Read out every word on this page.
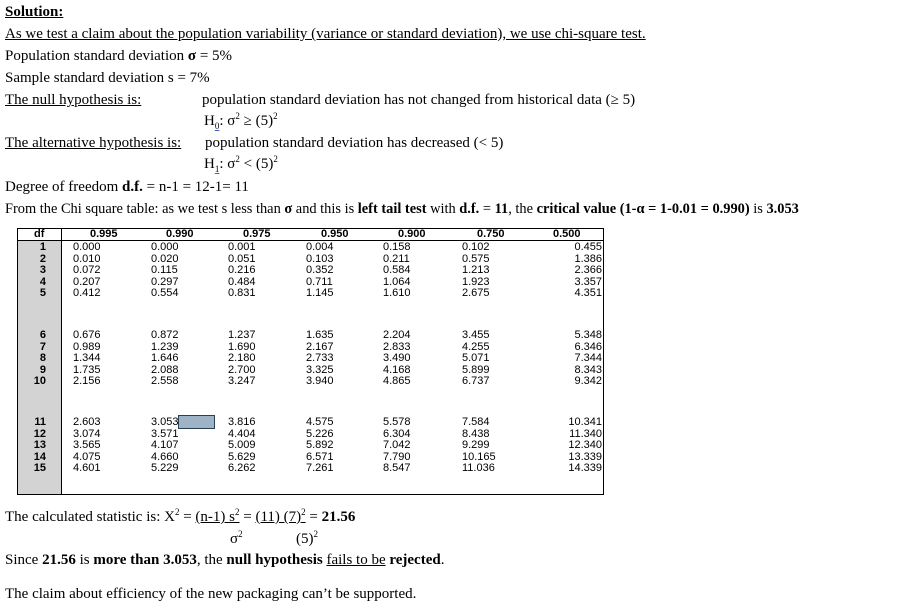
Solution:
As we test a claim about the population variability (variance or standard deviation), we use chi-square test.
Population standard deviation σ = 5%
Sample standard deviation s = 7%
The null hypothesis is:	population standard deviation has not changed from historical data (≥ 5)
$H_0$: $\sigma^2 \ge (5)^2$
The alternative hypothesis is: population standard deviation has decreased (< 5)
$H_1$: $\sigma^2 < (5)^2$
Degree of freedom d.f. = n-1 = 12-1= 11
From the Chi square table: as we test s less than σ and this is left tail test with d.f. = 11, the critical value (1-α = 1-0.01 = 0.990) is 3.053
df	0.995	0.990	0.975	0.950	0.900	0.750	0.500
1 0.000	0.000	0.001	0.004	0.158	0.102	0.455
2 0.010	0.020	0.051	0.103	0.211	0.575	1.386
3 0.072	0.115	0.216	0.352	0.584	1.213	2.366
4 0.207	0.297	0.484	0.711	1.064	1.923	3.357
5 0.412	0.554	0.831	1.145	1.610	2.675	4.351
6 0.676	0.872	1.237	1.635	2.204	3.455	5.348
7 0.989	1.239	1.690	2.167	2.833	4.255	6.346
8 1.344	1.646	2.180	2.733	3.490	5.071	7.344
9 1.735	2.088	2.700	3.325	4.168	5.899	8.343
10 2.156	2.558	3.247	3.940	4.865	6.737	9.342
11 2.603	3.053	3.816	4.575	5.578	7.584	10.341
12 3.074	3.571	4.404	5.226	6.304	8.438	11.340
13 3.565	4.107	5.009	5.892	7.042	9.299	12.340
14 4.075	4.660	5.629	6.571	7.790	10.165	13.339
15 4.601	5.229	6.262	7.261	8.547	11.036	14.339
The calculated statistic is: $X^2 = (n-1) s^2 = (11) (7)^2 = 21.56$
$\sigma^2$	$(5)^2$
Since 21.56 is more than 3.053, the null hypothesis fails to be rejected.
The claim about efficiency of the new packaging can’t be supported.
